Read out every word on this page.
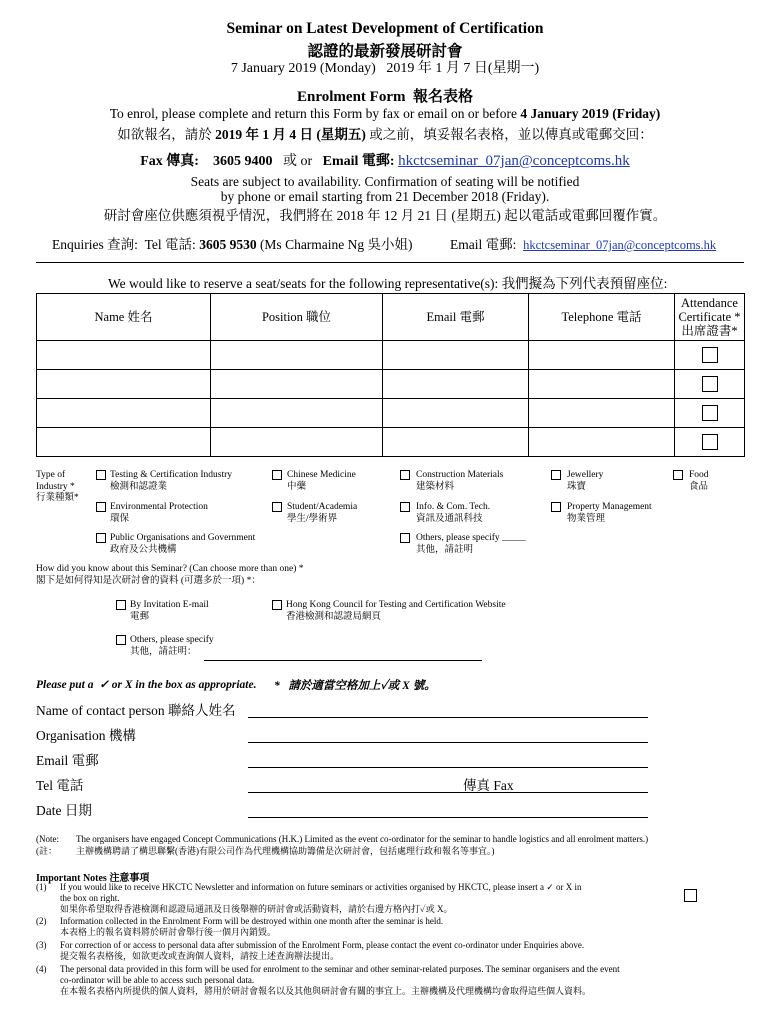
Seminar on Latest Development of Certification
認證的最新發展研討會
7 January 2019 (Monday)   2019 年 1 月 7 日(星期一)
Enrolment Form  報名表格
To enrol, please complete and return this Form by fax or email on or before 4 January 2019 (Friday)
如欲報名，請於 2019 年 1 月 4 日 (星期五) 或之前，填妥報名表格，並以傳真或電郵交回：
Fax 傳真: 3605 9400 或 or Email 電郵: hkctcseminar_07jan@conceptcoms.hk
Seats are subject to availability. Confirmation of seating will be notified
by phone or email starting from 21 December 2018 (Friday).
研討會座位供應須視乎情況，我們將在 2018 年 12 月 21 日 (星期五) 起以電話或電郵回覆作實。
Enquiries 查詢: Tel 電話: 3605 9530 (Ms Charmaine Ng 吳小姐)	Email 電郵: hkctcseminar_07jan@conceptcoms.hk
We would like to reserve a seat/seats for the following representative(s): 我們擬為下列代表預留座位:
Name 姓名	Position 職位	Email 電郵	Telephone 電話	Attendance
Certificate *
出席證書*

Type of Industry *
行業種類*
Testing & Certification Industry
檢測和認證業
Chinese Medicine
中藥
Construction Materials
建築材料
Jewellery
珠寶
Food
食品
Environmental Protection
環保
Student/Academia
學生/學術界
Info. & Com. Tech.
資訊及通訊科技
Property Management
物業管理
Public Organisations and Government
政府及公共機構
Others, please specify _____
其他，請註明
How did you know about this Seminar? (Can choose more than one) *
閣下是如何得知是次研討會的資料 (可選多於一項) *：
By Invitation E-mail
電郵
Hong Kong Council for Testing and Certification Website
香港檢測和認證局網頁
Others, please specify
其他，請註明：
Please put a  ✓ or X in the box as appropriate. *   請於適當空格加上✓或 X 號。
Name of contact person 聯絡人姓名
Organisation 機構
Email 電郵
Tel 電話	傳真 Fax
Date 日期
(Note: The organisers have engaged Concept Communications (H.K.) Limited as the event co-ordinator for the seminar to handle logistics and all enrolment matters.)
(註： 主辦機構聘請了構思聯繫(香港)有限公司作為代理機構協助籌備是次研討會，包括處理行政和報名等事宜。)
Important Notes 注意事項
(1) If you would like to receive HKCTC Newsletter and information on future seminars or activities organised by HKCTC, please insert a ✓ or X in
the box on right.
如果你希望取得香港檢測和認證局通訊及日後舉辦的研討會或活動資料，請於右邊方格內打✓或 X。
(2) Information collected in the Enrolment Form will be destroyed within one month after the seminar is held.
本表格上的報名資料將於研討會舉行後一個月內銷毀。
(3) For correction of or access to personal data after submission of the Enrolment Form, please contact the event co-ordinator under Enquiries above.
提交報名表格後，如欲更改或查詢個人資料，請按上述查詢辦法提出。
(4) The personal data provided in this form will be used for enrolment to the seminar and other seminar-related purposes. The seminar organisers and the event
co-ordinator will be able to access such personal data.
在本報名表格內所提供的個人資料，將用於研討會報名以及其他與研討會有關的事宜上。主辦機構及代理機構均會取得這些個人資料。
